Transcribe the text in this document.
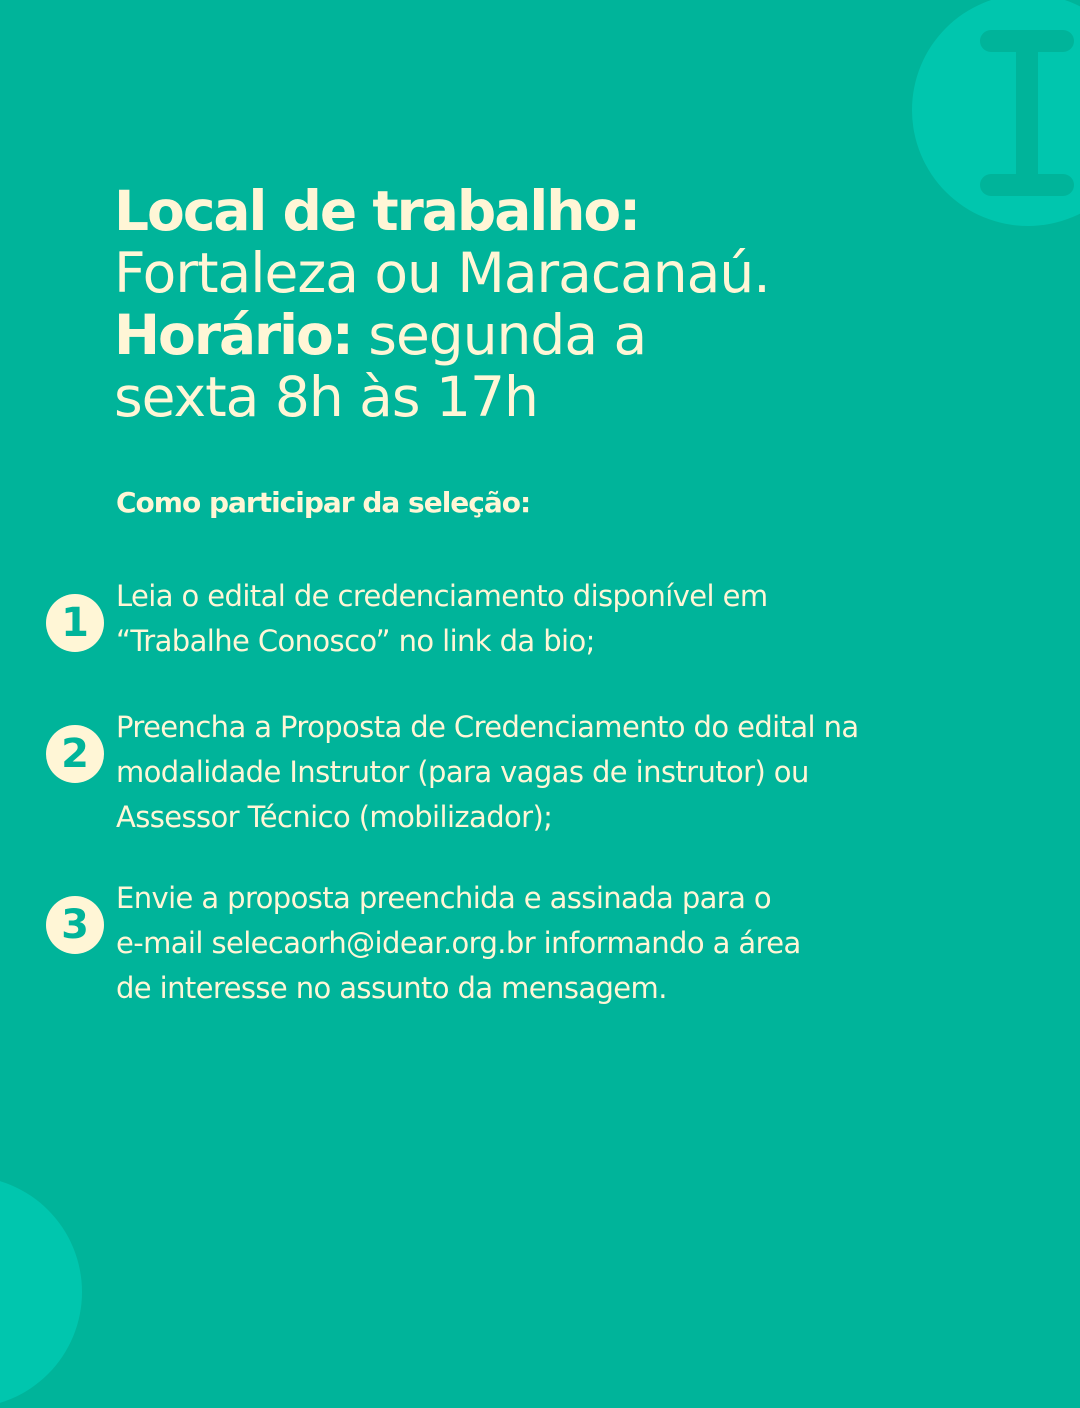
Local de trabalho:
Fortaleza ou Maracanaú.
Horário: segunda a
sexta 8h às 17h
Como participar da seleção:
1
Leia o edital de credenciamento disponível em
“Trabalhe Conosco” no link da bio;
2
Preencha a Proposta de Credenciamento do edital na
modalidade Instrutor (para vagas de instrutor) ou
Assessor Técnico (mobilizador);
3
Envie a proposta preenchida e assinada para o
e-mail selecaorh@idear.org.br informando a área
de interesse no assunto da mensagem.
